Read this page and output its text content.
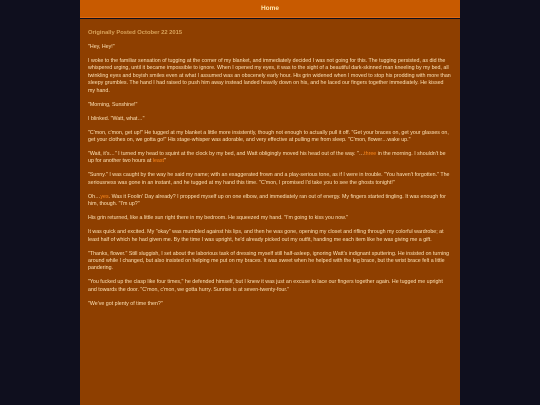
Home
Originally Posted October 22 2015

"Hey, Hey!"

I woke to the familiar sensation of tugging at the corner of my blanket, and immediately decided I was not going for this. The tugging persisted, as did the whispered urging, until it became impossible to ignore. When I opened my eyes, it was to the sight of a beautiful dark-skinned man kneeling by my bed, all twinkling eyes and boyish smiles even at what I assumed was an obscenely early hour. His grin widened when I moved to stop his prodding with more than sleepy grumbles. The hand I had raised to push him away instead landed heavily down on his, and he laced our fingers together immediately. He kissed my hand.

"Morning, Sunshine!"

I blinked. "Watt, what…"

"C'mon, c'mon, get up!" He tugged at my blanket a little more insistently, though not enough to actually pull it off. "Get your braces on, get your glasses on, get your clothes on, we gotta go!" His stage-whisper was adorable, and very effective at pulling me from sleep. "C'mon, flower…wake up."

"Wait, it's…" I turned my head to squint at the clock by my bed, and Watt obligingly moved his head out of the way. "…three in the morning. I shouldn't be up for another two hours at least"

"Sunny." I was caught by the way he said my name; with an exaggerated frown and a play-serious tone, as if I were in trouble. "You haven't forgotten." The seriousness was gone in an instant, and he tugged at my hand this time. "C'mon, I promised I'd take you to see the ghosts tonight!"

Oh…yes. Was it Foolin' Day already? I propped myself up on one elbow, and immediately ran out of energy. My fingers started tingling. It was enough for him, though. "I'm up?"

His grin returned, like a little sun right there in my bedroom. He squeezed my hand. "I'm going to kiss you now."

It was quick and excited. My "okay" was mumbled against his lips, and then he was gone, opening my closet and rifling through my colorful wardrobe; at least half of which he had given me. By the time I was upright, he'd already picked out my outfit, handing me each item like he was giving me a gift.

"Thanks, flower." Still sluggish, I set about the laborious task of dressing myself still half-asleep, ignoring Watt's indignant sputtering. He insisted on turning around while I changed, but also insisted on helping me put on my braces. It was sweet when he helped with the leg brace, but the wrist brace felt a little pandering.

"You fucked up the clasp like four times," he defended himself, but I knew it was just an excuse to lace our fingers together again. He tugged me upright and towards the door. "C'mon, c'mon, we gotta hurry. Sunrise is at seven-twenty-four."

"We've got plenty of time then?"
